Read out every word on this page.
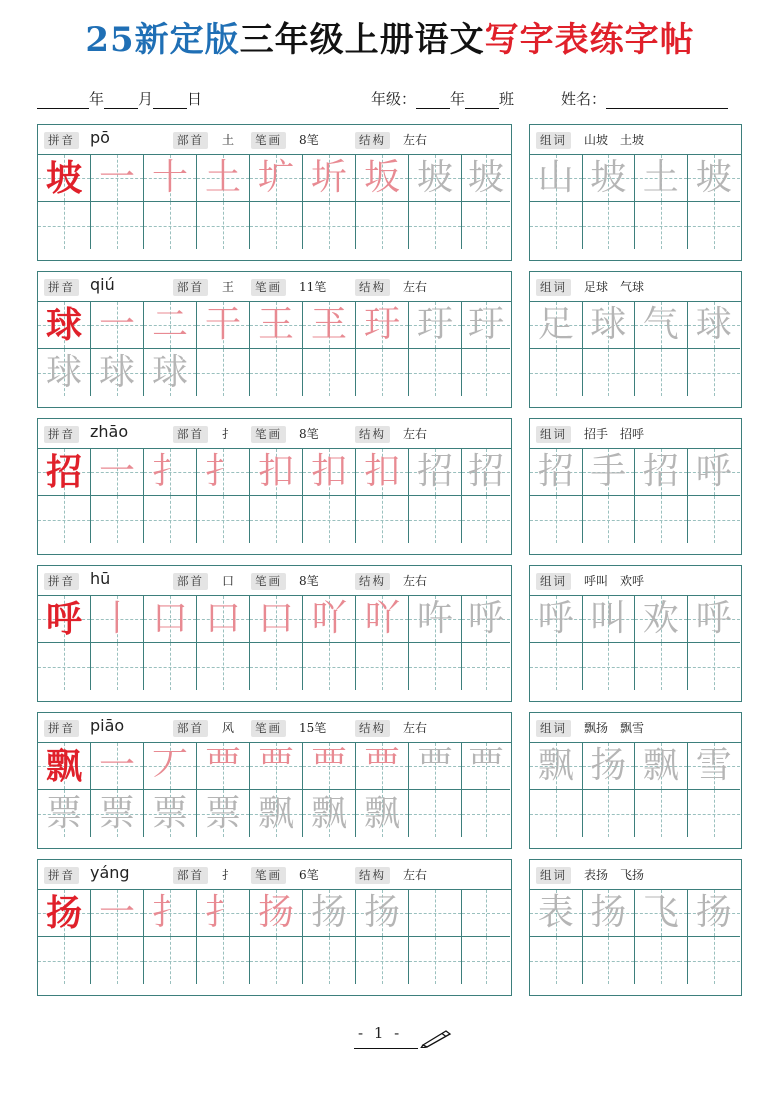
25新定版三年级上册语文写字表练字帖
年 月 日	年级： 年 班	姓名：
拼音 pō	部首	土	笔画	8笔	结构	左右
坡 一 十 土 圹 圻 坂 坡 坡
组词	山坡　土坡
山 坡 土 坡
拼音 qiú	部首	王	笔画	11笔	结构	左右
球 一 二 干 王 玊 玗 玗 玗
球 球 球
组词	足球　气球
足 球 气 球
拼音 zhāo	部首	扌	笔画	8笔	结构	左右
招 一 扌 扌 扣 扣 扣 招 招
组词	招手　招呼
招 手 招 呼
拼音 hū	部首	口	笔画	8笔	结构	左右
呼 丨 口 口 口 吖 吖 吘 呼
组词	呼叫　欢呼
呼 叫 欢 呼
拼音 piāo	部首	风	笔画	15笔	结构	左右
飘 一 丆 覀 覀 覀 覀 覀 覀
票 票 票 票 飘 飘 飘
组词	飘扬　飘雪
飘 扬 飘 雪
拼音 yáng	部首	扌	笔画	6笔	结构	左右
扬 一 扌 扌 扬 扬 扬
组词	表扬　飞扬
表 扬 飞 扬
- 1 -
